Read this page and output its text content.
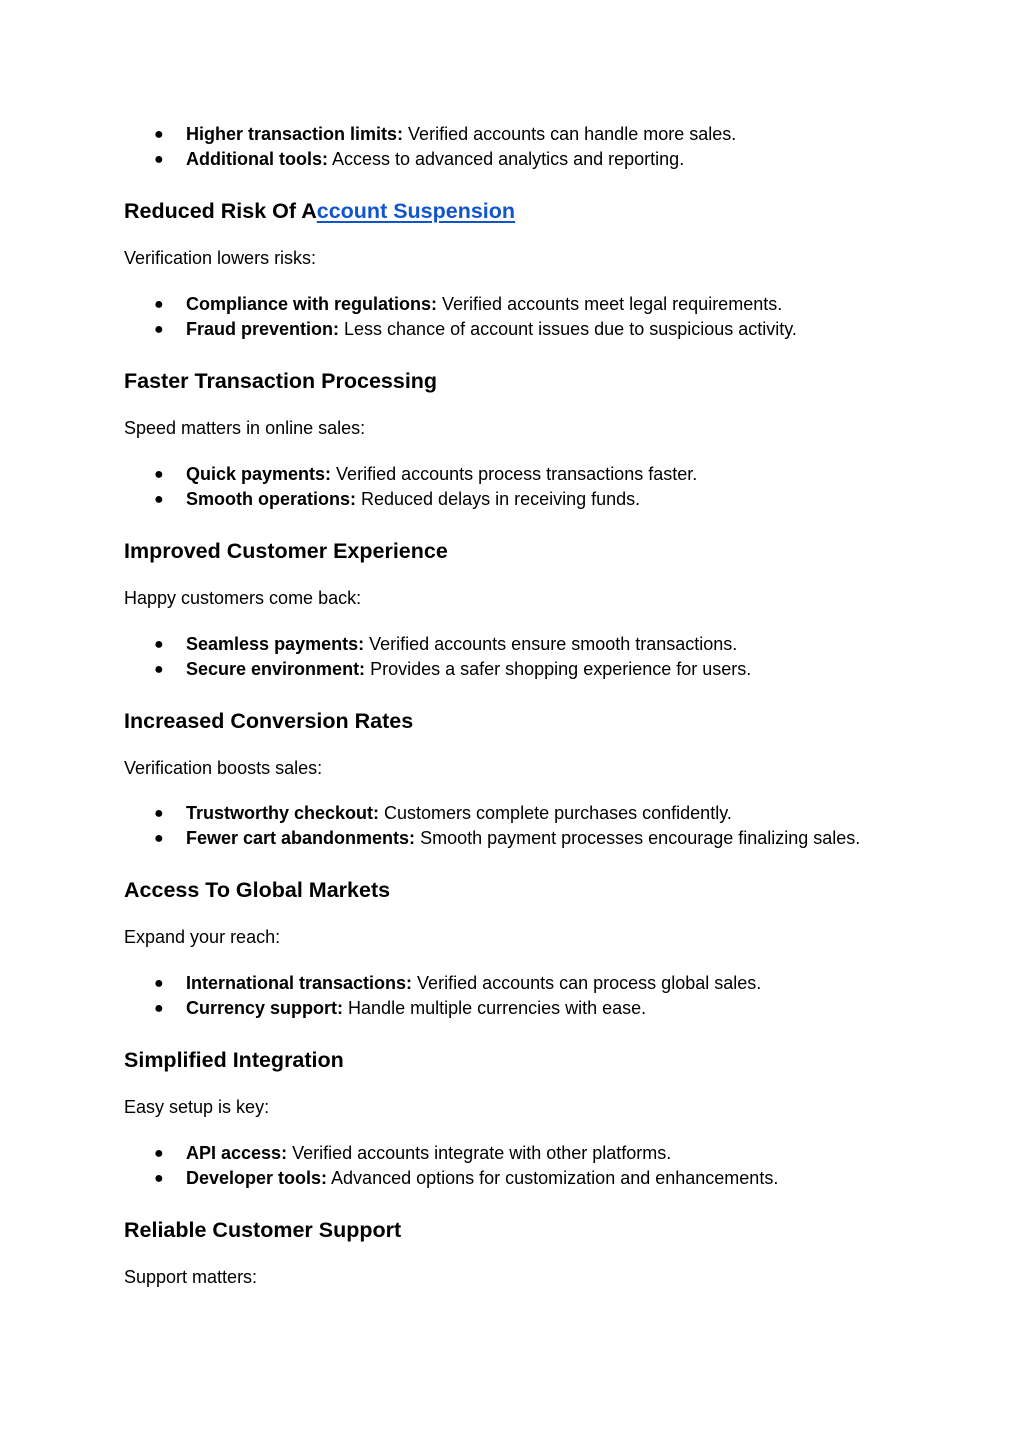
● Higher transaction limits: Verified accounts can handle more sales.
● Additional tools: Access to advanced analytics and reporting.
Reduced Risk Of Account Suspension

Verification lowers risks:

● Compliance with regulations: Verified accounts meet legal requirements.
● Fraud prevention: Less chance of account issues due to suspicious activity.
Faster Transaction Processing

Speed matters in online sales:

● Quick payments: Verified accounts process transactions faster.
● Smooth operations: Reduced delays in receiving funds.
Improved Customer Experience

Happy customers come back:

● Seamless payments: Verified accounts ensure smooth transactions.
● Secure environment: Provides a safer shopping experience for users.
Increased Conversion Rates

Verification boosts sales:

● Trustworthy checkout: Customers complete purchases confidently.
● Fewer cart abandonments: Smooth payment processes encourage finalizing sales.
Access To Global Markets

Expand your reach:

● International transactions: Verified accounts can process global sales.
● Currency support: Handle multiple currencies with ease.
Simplified Integration

Easy setup is key:

● API access: Verified accounts integrate with other platforms.
● Developer tools: Advanced options for customization and enhancements.
Reliable Customer Support

Support matters:
